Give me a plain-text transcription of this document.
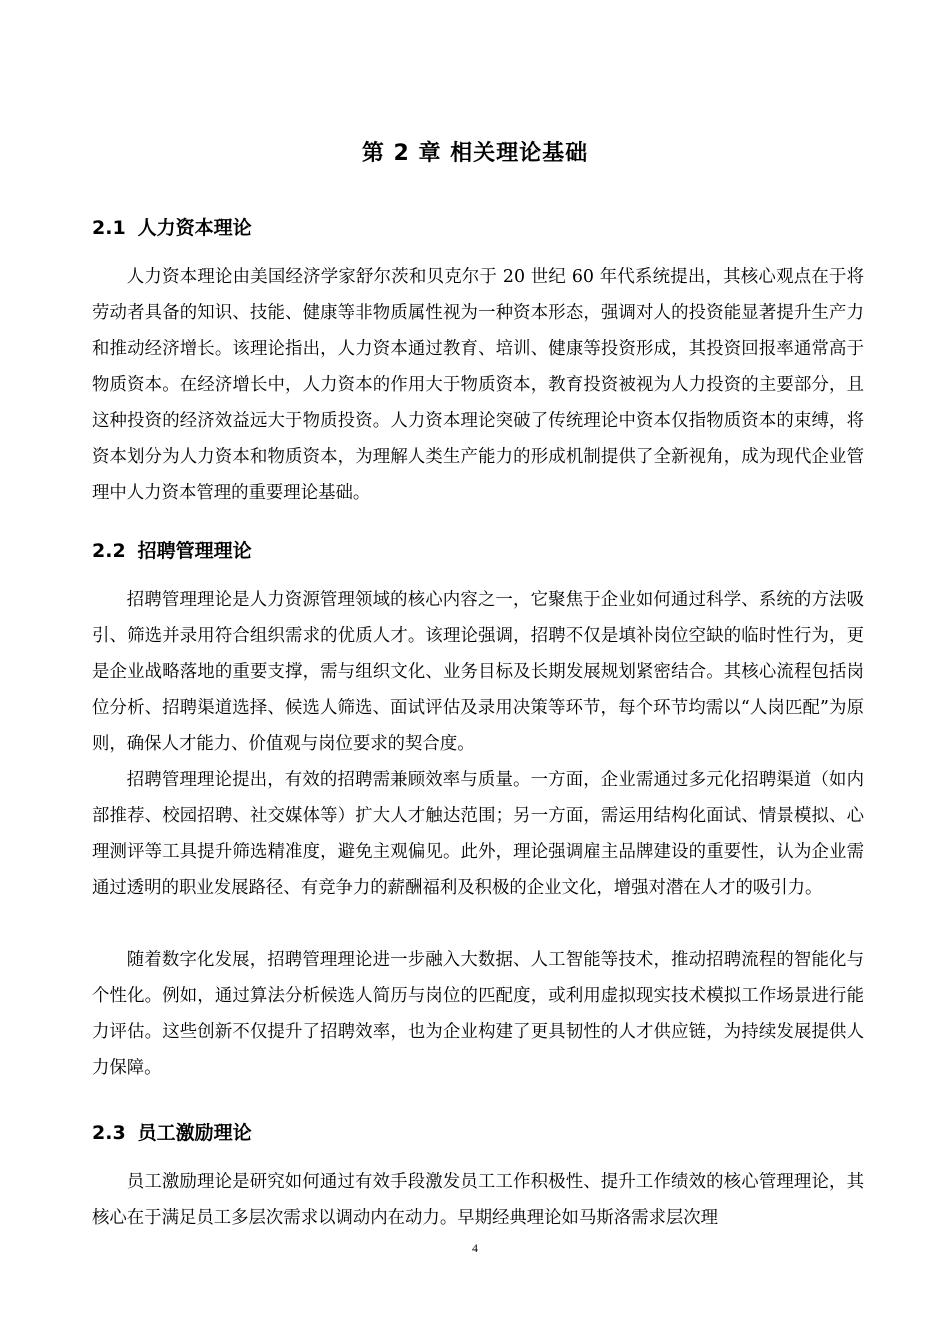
第 2 章 相关理论基础
2.1 人力资本理论

人力资本理论由美国经济学家舒尔茨和贝克尔于 20 世纪 60 年代系统提出，其核心观点在于将劳动者具备的知识、技能、健康等非物质属性视为一种资本形态，强调对人的投资能显著提升生产力和推动经济增长。该理论指出，人力资本通过教育、培训、健康等投资形成，其投资回报率通常高于物质资本。在经济增长中，人力资本的作用大于物质资本，教育投资被视为人力投资的主要部分，且这种投资的经济效益远大于物质投资。人力资本理论突破了传统理论中资本仅指物质资本的束缚，将资本划分为人力资本和物质资本，为理解人类生产能力的形成机制提供了全新视角，成为现代企业管理中人力资本管理的重要理论基础。

2.2 招聘管理理论

招聘管理理论是人力资源管理领域的核心内容之一，它聚焦于企业如何通过科学、系统的方法吸引、筛选并录用符合组织需求的优质人才。该理论强调，招聘不仅是填补岗位空缺的临时性行为，更是企业战略落地的重要支撑，需与组织文化、业务目标及长期发展规划紧密结合。其核心流程包括岗位分析、招聘渠道选择、候选人筛选、面试评估及录用决策等环节，每个环节均需以“人岗匹配”为原则，确保人才能力、价值观与岗位要求的契合度。

招聘管理理论提出，有效的招聘需兼顾效率与质量。一方面，企业需通过多元化招聘渠道（如内部推荐、校园招聘、社交媒体等）扩大人才触达范围；另一方面，需运用结构化面试、情景模拟、心理测评等工具提升筛选精准度，避免主观偏见。此外，理论强调雇主品牌建设的重要性，认为企业需通过透明的职业发展路径、有竞争力的薪酬福利及积极的企业文化，增强对潜在人才的吸引力。

随着数字化发展，招聘管理理论进一步融入大数据、人工智能等技术，推动招聘流程的智能化与个性化。例如，通过算法分析候选人简历与岗位的匹配度，或利用虚拟现实技术模拟工作场景进行能力评估。这些创新不仅提升了招聘效率，也为企业构建了更具韧性的人才供应链，为持续发展提供人力保障。

2.3 员工激励理论

员工激励理论是研究如何通过有效手段激发员工工作积极性、提升工作绩效的核心管理理论，其核心在于满足员工多层次需求以调动内在动力。早期经典理论如马斯洛需求层次理

4
